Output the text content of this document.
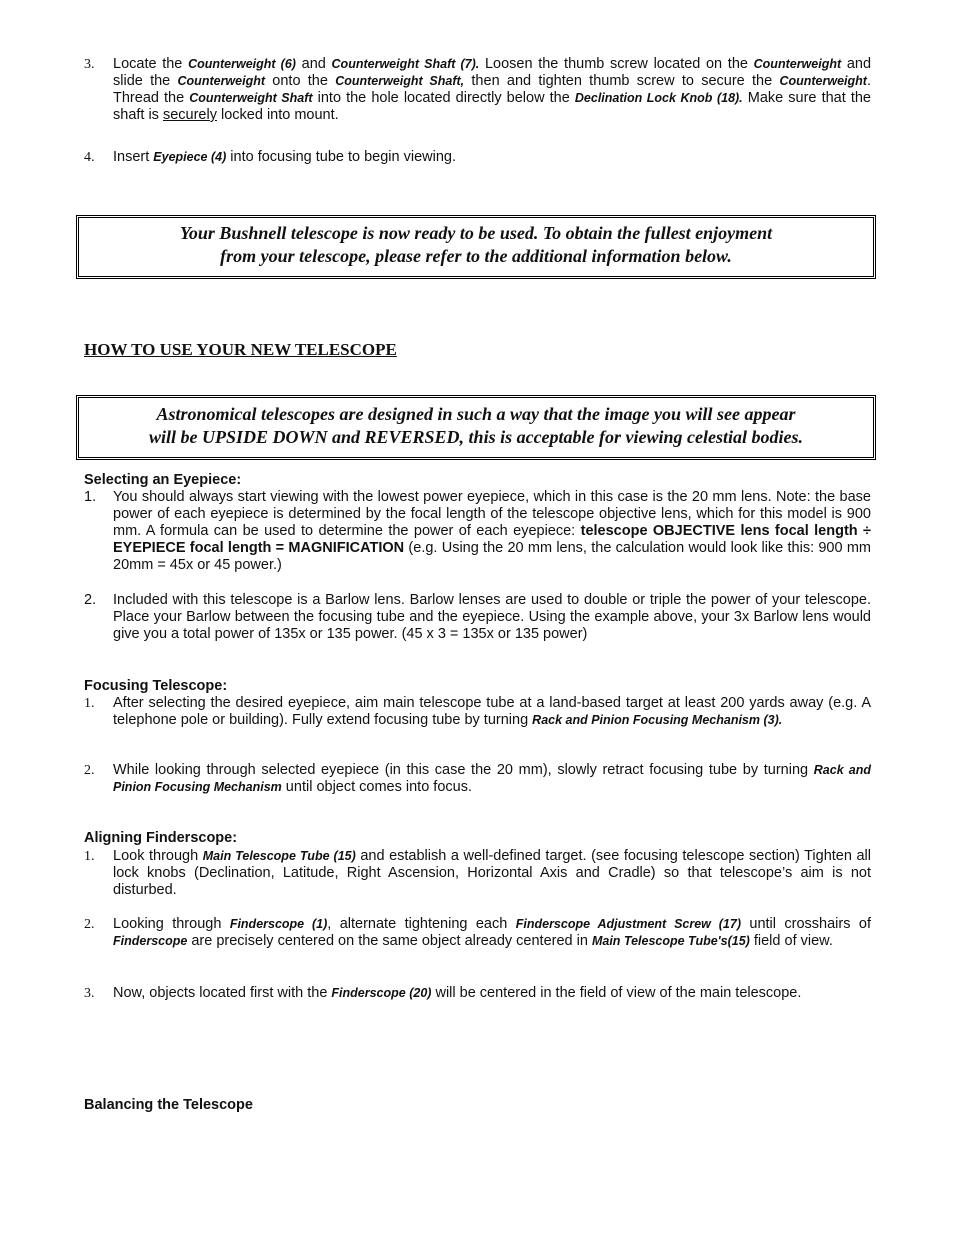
3. Locate the Counterweight (6) and Counterweight Shaft (7). Loosen the thumb screw located on the Counterweight and slide the Counterweight onto the Counterweight Shaft, then and tighten thumb screw to secure the Counterweight. Thread the Counterweight Shaft into the hole located directly below the Declination Lock Knob (18). Make sure that the shaft is securely locked into mount.
4. Insert Eyepiece (4) into focusing tube to begin viewing.
Your Bushnell telescope is now ready to be used. To obtain the fullest enjoyment
from your telescope, please refer to the additional information below.
HOW TO USE YOUR NEW TELESCOPE
Astronomical telescopes are designed in such a way that the image you will see appear
will be UPSIDE DOWN and REVERSED, this is acceptable for viewing celestial bodies.
Selecting an Eyepiece:
1. You should always start viewing with the lowest power eyepiece, which in this case is the 20 mm lens. Note: the base power of each eyepiece is determined by the focal length of the telescope objective lens, which for this model is 900 mm. A formula can be used to determine the power of each eyepiece: telescope OBJECTIVE lens focal length ÷ EYEPIECE focal length = MAGNIFICATION (e.g. Using the 20 mm lens, the calculation would look like this: 900 mm 20mm = 45x or 45 power.)
2. Included with this telescope is a Barlow lens. Barlow lenses are used to double or triple the power of your telescope. Place your Barlow between the focusing tube and the eyepiece. Using the example above, your 3x Barlow lens would give you a total power of 135x or 135 power. (45 x 3 = 135x or 135 power)
Focusing Telescope:
1. After selecting the desired eyepiece, aim main telescope tube at a land-based target at least 200 yards away (e.g. A telephone pole or building). Fully extend focusing tube by turning Rack and Pinion Focusing Mechanism (3).
2. While looking through selected eyepiece (in this case the 20 mm), slowly retract focusing tube by turning Rack and Pinion Focusing Mechanism until object comes into focus.
Aligning Finderscope:
1. Look through Main Telescope Tube (15) and establish a well-defined target. (see focusing telescope section) Tighten all lock knobs (Declination, Latitude, Right Ascension, Horizontal Axis and Cradle) so that telescope’s aim is not disturbed.
2. Looking through Finderscope (1), alternate tightening each Finderscope Adjustment Screw (17) until crosshairs of Finderscope are precisely centered on the same object already centered in Main Telescope Tube's(15) field of view.
3. Now, objects located first with the Finderscope (20) will be centered in the field of view of the main telescope.
Balancing the Telescope
